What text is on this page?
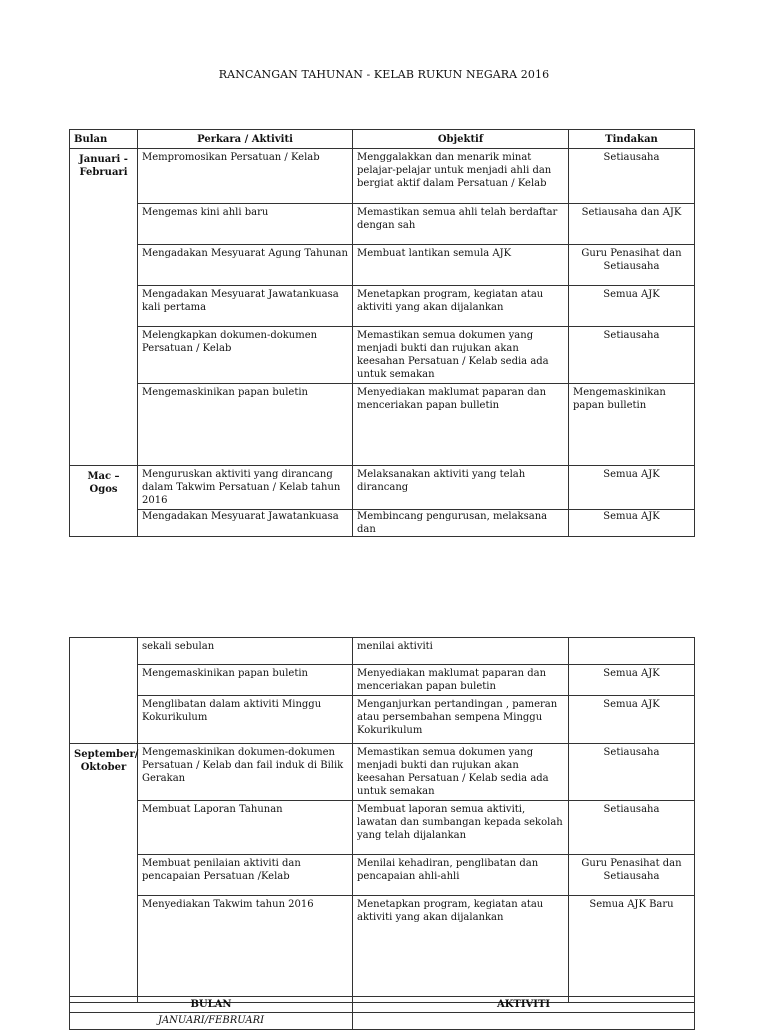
RANCANGAN TAHUNAN - KELAB RUKUN NEGARA 2016
Bulan	Perkara / Aktiviti	Objektif	Tindakan
Januari -Februari	Mempromosikan Persatuan / Kelab	Menggalakkan dan menarik minat pelajar-pelajar untuk menjadi ahli dan bergiat aktif dalam Persatuan / Kelab	Setiausaha
	Mengemas kini ahli baru	Memastikan semua ahli telah berdaftar dengan sah	Setiausaha dan AJK
	Mengadakan Mesyuarat Agung Tahunan	Membuat lantikan semula AJK	Guru Penasihat dan Setiausaha
	Mengadakan Mesyuarat Jawatankuasa kali pertama	Menetapkan program, kegiatan atau aktiviti yang akan dijalankan	Semua AJK
	Melengkapkan dokumen-dokumen Persatuan / Kelab	Memastikan semua dokumen yang menjadi bukti dan rujukan akan keesahan Persatuan / Kelab sedia ada untuk semakan	Setiausaha
	Mengemaskinikan papan buletin	Menyediakan maklumat paparan dan menceriakan papan bulletin	Mengemaskinikan papan bulletin
Mac – Ogos	Menguruskan aktiviti yang dirancang dalam Takwim Persatuan / Kelab tahun 2016	Melaksanakan aktiviti yang telah dirancang	Semua AJK
	Mengadakan Mesyuarat Jawatankuasa	Membincang pengurusan, melaksana dan	Semua AJK
	sekali sebulan	menilai aktiviti	
	Mengemaskinikan papan buletin	Menyediakan maklumat paparan dan menceriakan papan buletin	Semua AJK
	Menglibatan dalam aktiviti Minggu Kokurikulum	Menganjurkan pertandingan , pameran atau persembahan sempena Minggu Kokurikulum	Semua AJK
September/ Oktober	Mengemaskinikan dokumen-dokumen Persatuan / Kelab dan fail induk di Bilik Gerakan	Memastikan semua dokumen yang menjadi bukti dan rujukan akan keesahan Persatuan / Kelab sedia ada untuk semakan	Setiausaha
	Membuat Laporan Tahunan	Membuat laporan semua aktiviti, lawatan dan sumbangan kepada sekolah yang telah dijalankan	Setiausaha
	Membuat penilaian aktiviti dan pencapaian Persatuan /Kelab	Menilai kehadiran, penglibatan dan pencapaian ahli-ahli	Guru Penasihat dan Setiausaha
	Menyediakan Takwim tahun 2016	Menetapkan program, kegiatan atau aktiviti yang akan dijalankan	Semua AJK Baru
BULAN	AKTIVITI
JANUARI/FEBRUARI	
